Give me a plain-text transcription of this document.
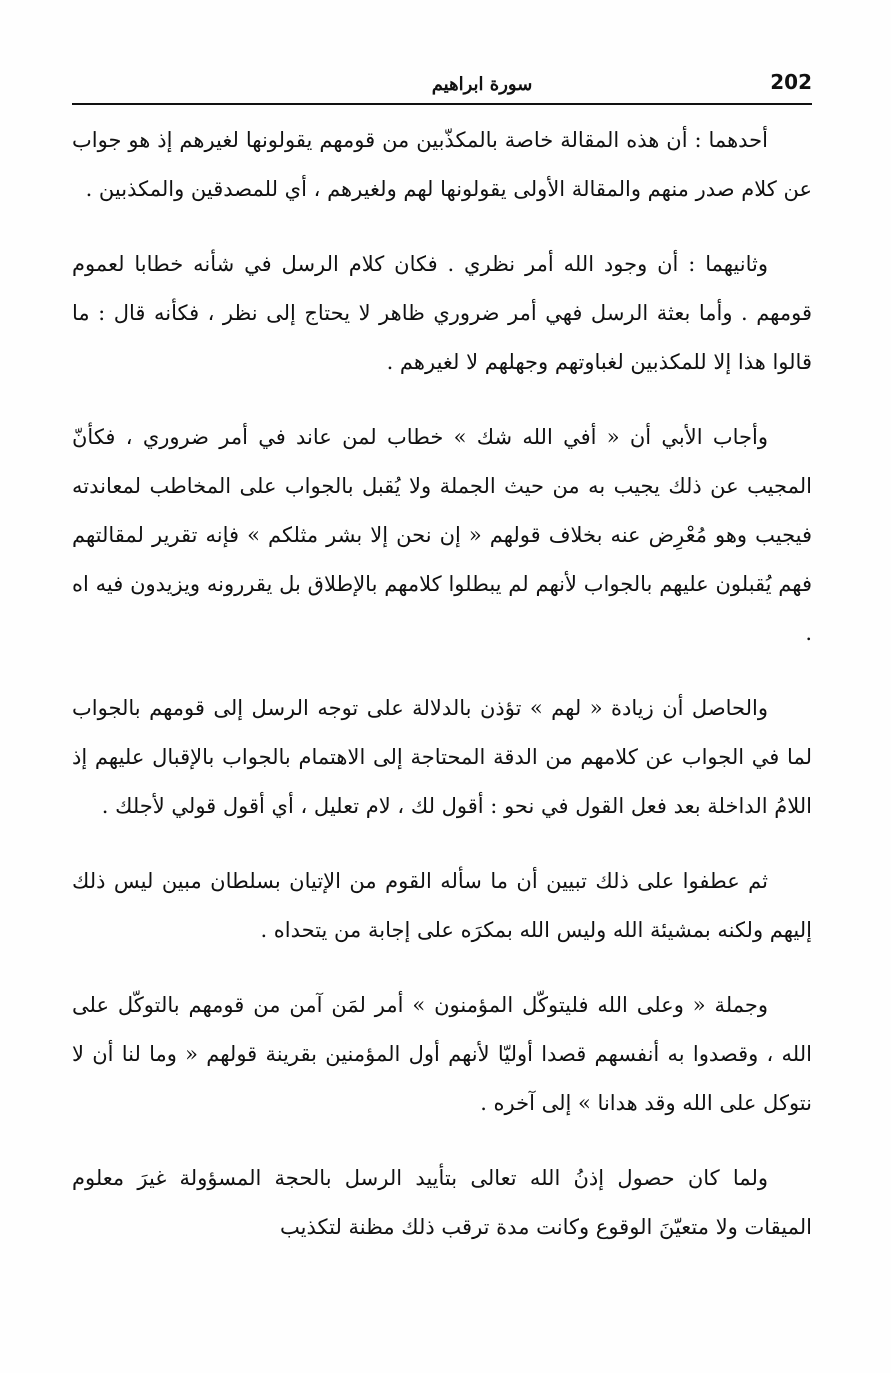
202
سورة ابراهيم

أحدهما : أن هذه المقالة خاصة بالمكذّبين من قومهم يقولونها لغيرهم إذ هو جواب عن كلام صدر منهم والمقالة الأولى يقولونها لهم ولغيرهم ، أي للمصدقين والمكذبين .

وثانيهما : أن وجود الله أمر نظري . فكان كلام الرسل في شأنه خطابا لعموم قومهم . وأما بعثة الرسل فهي أمر ضروري ظاهر لا يحتاج إلى نظر ، فكأنه قال : ما قالوا هذا إلا للمكذبين لغباوتهم وجهلهم لا لغيرهم .

وأجاب الأبي أن « أفي الله شك » خطاب لمن عاند في أمر ضروري ، فكأنّ المجيب عن ذلك يجيب به من حيث الجملة ولا يُقبل بالجواب على المخاطب لمعاندته فيجيب وهو مُعْرِض عنه بخلاف قولهم « إن نحن إلا بشر مثلكم » فإنه تقرير لمقالتهم فهم يُقبلون عليهم بالجواب لأنهم لم يبطلوا كلامهم بالإطلاق بل يقررونه ويزيدون فيه اه .

والحاصل أن زيادة « لهم » تؤذن بالدلالة على توجه الرسل إلى قومهم بالجواب لما في الجواب عن كلامهم من الدقة المحتاجة إلى الاهتمام بالجواب بالإقبال عليهم إذ اللامُ الداخلة بعد فعل القول في نحو : أقول لك ، لام تعليل ، أي أقول قولي لأجلك .

ثم عطفوا على ذلك تبيين أن ما سأله القوم من الإتيان بسلطان مبين ليس ذلك إليهم ولكنه بمشيئة الله وليس الله بمكرَه على إجابة من يتحداه .

وجملة « وعلى الله فليتوكّل المؤمنون » أمر لمَن آمن من قومهم بالتوكّل على الله ، وقصدوا به أنفسهم قصدا أوليّا لأنهم أول المؤمنين بقرينة قولهم « وما لنا أن لا نتوكل على الله وقد هدانا » إلى آخره .

ولما كان حصول إذنُ الله تعالى بتأييد الرسل بالحجة المسؤولة غيرَ معلوم الميقات ولا متعيّنَ الوقوع وكانت مدة ترقب ذلك مظنة لتكذيب
